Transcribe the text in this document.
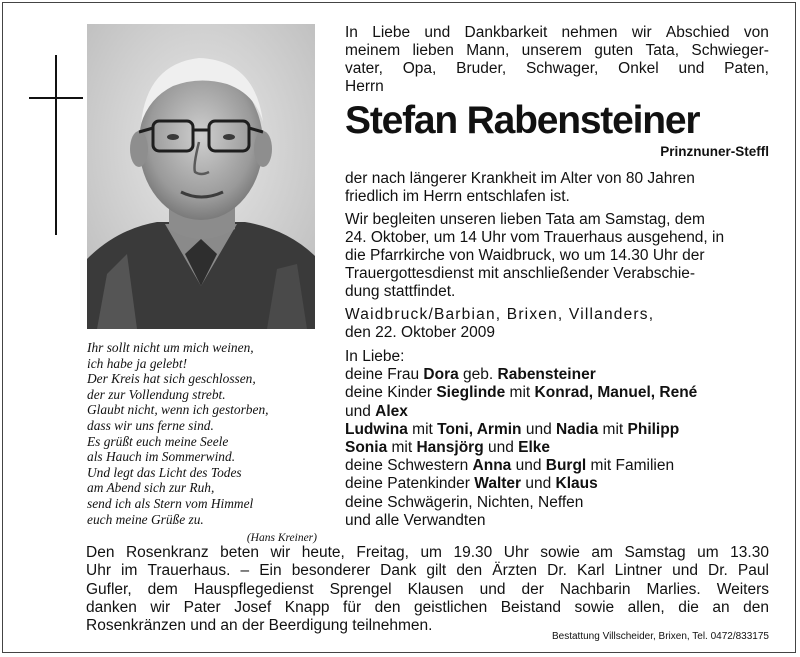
Ihr sollt nicht um mich weinen,
ich habe ja gelebt!
Der Kreis hat sich geschlossen,
der zur Vollendung strebt.
Glaubt nicht, wenn ich gestorben,
dass wir uns ferne sind.
Es grüßt euch meine Seele
als Hauch im Sommerwind.
Und legt das Licht des Todes
am Abend sich zur Ruh,
send ich als Stern vom Himmel
euch meine Grüße zu.
(Hans Kreiner)
In Liebe und Dankbarkeit nehmen wir Abschied von
meinem lieben Mann, unserem guten Tata, Schwieger-
vater, Opa, Bruder, Schwager, Onkel und Paten,
Herrn
Stefan Rabensteiner
Prinznuner-Steffl
der nach längerer Krankheit im Alter von 80 Jahren
friedlich im Herrn entschlafen ist.
Wir begleiten unseren lieben Tata am Samstag, dem
24. Oktober, um 14 Uhr vom Trauerhaus ausgehend, in
die Pfarrkirche von Waidbruck, wo um 14.30 Uhr der
Trauergottesdienst mit anschließender Verabschie-
dung stattfindet.
Waidbruck/Barbian, Brixen, Villanders,
den 22. Oktober 2009
In Liebe:
deine Frau Dora geb. Rabensteiner
deine Kinder Sieglinde mit Konrad, Manuel, René
und Alex
Ludwina mit Toni, Armin und Nadia mit Philipp
Sonia mit Hansjörg und Elke
deine Schwestern Anna und Burgl mit Familien
deine Patenkinder Walter und Klaus
deine Schwägerin, Nichten, Neffen
und alle Verwandten
Den Rosenkranz beten wir heute, Freitag, um 19.30 Uhr sowie am Samstag um 13.30
Uhr im Trauerhaus. – Ein besonderer Dank gilt den Ärzten Dr. Karl Lintner und Dr. Paul
Gufler, dem Hauspflegedienst Sprengel Klausen und der Nachbarin Marlies. Weiters
danken wir Pater Josef Knapp für den geistlichen Beistand sowie allen, die an den
Rosenkränzen und an der Beerdigung teilnehmen.
Bestattung Villscheider, Brixen, Tel. 0472/833175
